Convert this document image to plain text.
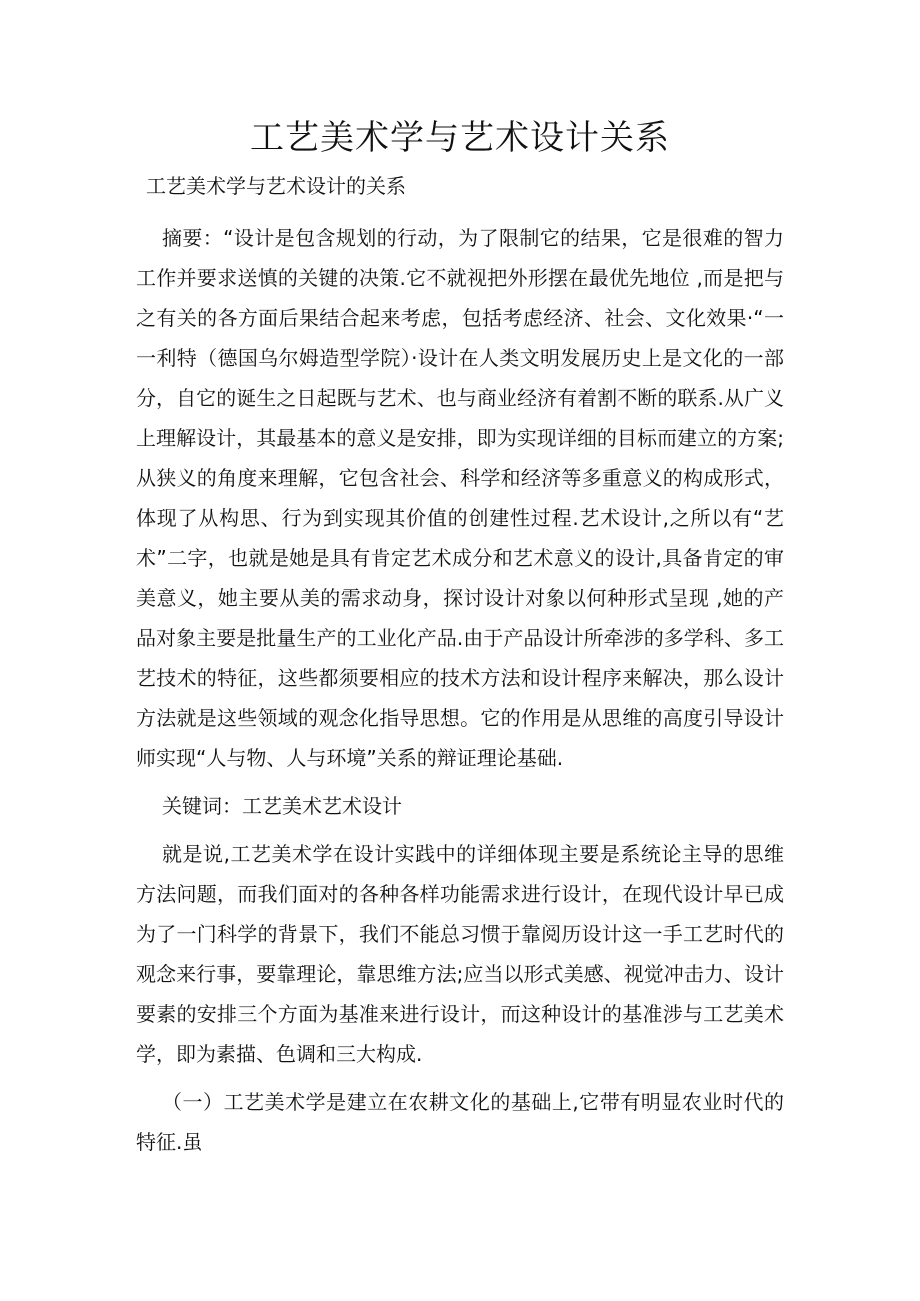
工艺美术学与艺术设计关系
工艺美术学与艺术设计的关系

摘要：“设计是包含规划的行动，为了限制它的结果，它是很难的智力工作并要求送慎的关键的决策.它不就视把外形摆在最优先地位 ,而是把与之有关的各方面后果结合起来考虑，包括考虑经济、社会、文化效果·“一一利特（德国乌尔姆造型学院）·设计在人类文明发展历史上是文化的一部分，自它的诞生之日起既与艺术、也与商业经济有着割不断的联系.从广义上理解设计，其最基本的意义是安排，即为实现详细的目标而建立的方案;从狭义的角度来理解，它包含社会、科学和经济等多重意义的构成形式，体现了从构思、行为到实现其价值的创建性过程.艺术设计,之所以有“艺术”二字，也就是她是具有肯定艺术成分和艺术意义的设计,具备肯定的审美意义，她主要从美的需求动身，探讨设计对象以何种形式呈现 ,她的产品对象主要是批量生产的工业化产品.由于产品设计所牵涉的多学科、多工艺技术的特征，这些都须要相应的技术方法和设计程序来解决，那么设计方法就是这些领域的观念化指导思想。它的作用是从思维的高度引导设计师实现“人与物、人与环境”关系的辩证理论基础.

关键词：工艺美术艺术设计

就是说,工艺美术学在设计实践中的详细体现主要是系统论主导的思维方法问题，而我们面对的各种各样功能需求进行设计，在现代设计早已成为了一门科学的背景下，我们不能总习惯于靠阅历设计这一手工艺时代的观念来行事，要靠理论，靠思维方法;应当以形式美感、视觉冲击力、设计要素的安排三个方面为基准来进行设计，而这种设计的基准涉与工艺美术学，即为素描、色调和三大构成.

（一）工艺美术学是建立在农耕文化的基础上,它带有明显农业时代的特征.虽
